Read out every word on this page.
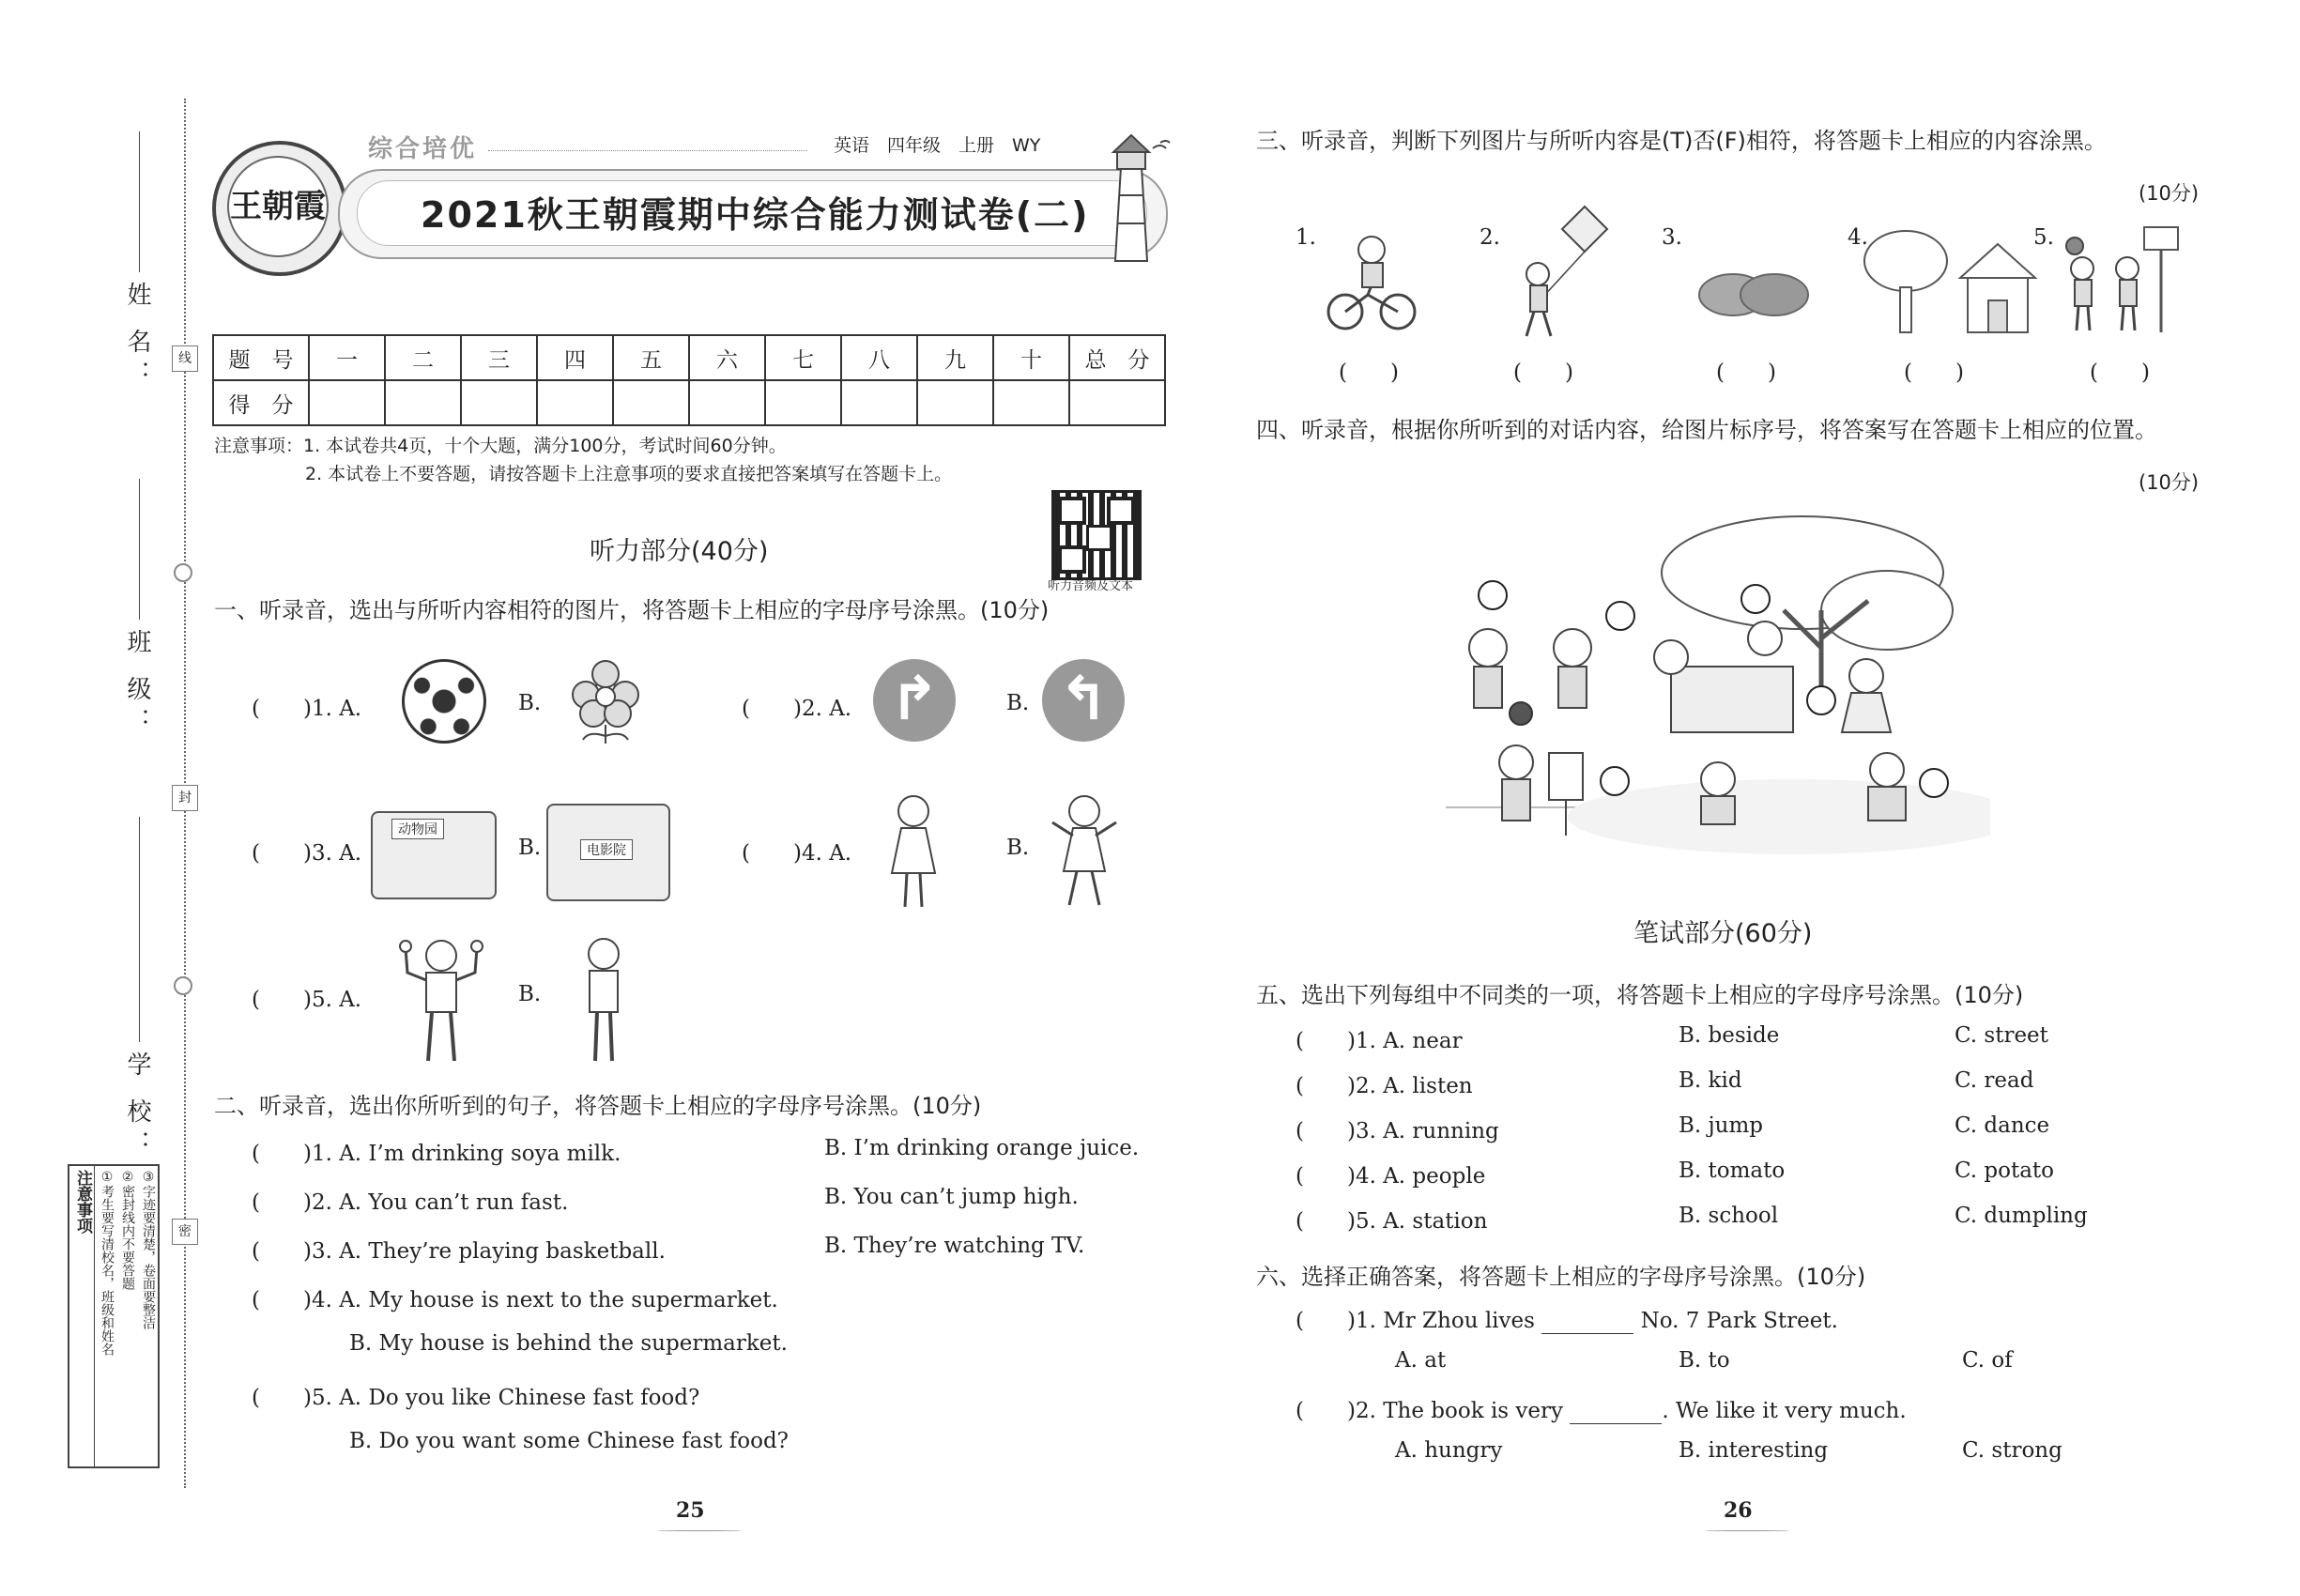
姓 名：
班 级：
学 校：
线
封
密
注意事项 ①考生要写清校名，班级和姓名 ②密封线内不要答题 ③字迹要清楚，卷面要整洁
王朝霞
综合培优	英语　四年级　上册　WY
2021秋王朝霞期中综合能力测试卷(二)
题　号	一	二	三	四	五	六	七	八	九	十	总　分
得　分											
注意事项：1. 本试卷共4页，十个大题，满分100分，考试时间60分钟。
2. 本试卷上不要答题，请按答题卡上注意事项的要求直接把答案填写在答题卡上。
听力音频及文本
听力部分(40分)
一、听录音，选出与所听内容相符的图片，将答题卡上相应的字母序号涂黑。(10分)
(　　)1. A.	B.	(　　)2. A. ↱	B. ↰
(　　)3. A.
动物园
B.	电影院	(　　)4. A.	B.
(　　)5. A.	B.
二、听录音，选出你所听到的句子，将答题卡上相应的字母序号涂黑。(10分)
(　　)1. A. I’m drinking soya milk.	B. I’m drinking orange juice.
(　　)2. A. You can’t run fast.	B. You can’t jump high.
(　　)3. A. They’re playing basketball.	B. They’re watching TV.
(　　)4. A. My house is next to the supermarket.
B. My house is behind the supermarket.
(　　)5. A. Do you like Chinese fast food?
B. Do you want some Chinese fast food?
25
三、听录音，判断下列图片与所听内容是(T)否(F)相符，将答题卡上相应的内容涂黑。
(10分)
1.
(　　)
2.
(　　)
3.
(　　)
4.
(　　)
5.
(　　)
四、听录音，根据你所听到的对话内容，给图片标序号，将答案写在答题卡上相应的位置。
(10分)
笔试部分(60分)
五、选出下列每组中不同类的一项，将答题卡上相应的字母序号涂黑。(10分)
(　　)1. A. near	B. beside	C. street
(　　)2. A. listen	B. kid	C. read
(　　)3. A. running	B. jump	C. dance
(　　)4. A. people	B. tomato	C. potato
(　　)5. A. station	B. school	C. dumpling
六、选择正确答案，将答题卡上相应的字母序号涂黑。(10分)
(　　)1. Mr Zhou lives	No. 7 Park Street.
A. at	B. to	C. of
(　　)2. The book is very	. We like it very much.
A. hungry	B. interesting	C. strong
26
